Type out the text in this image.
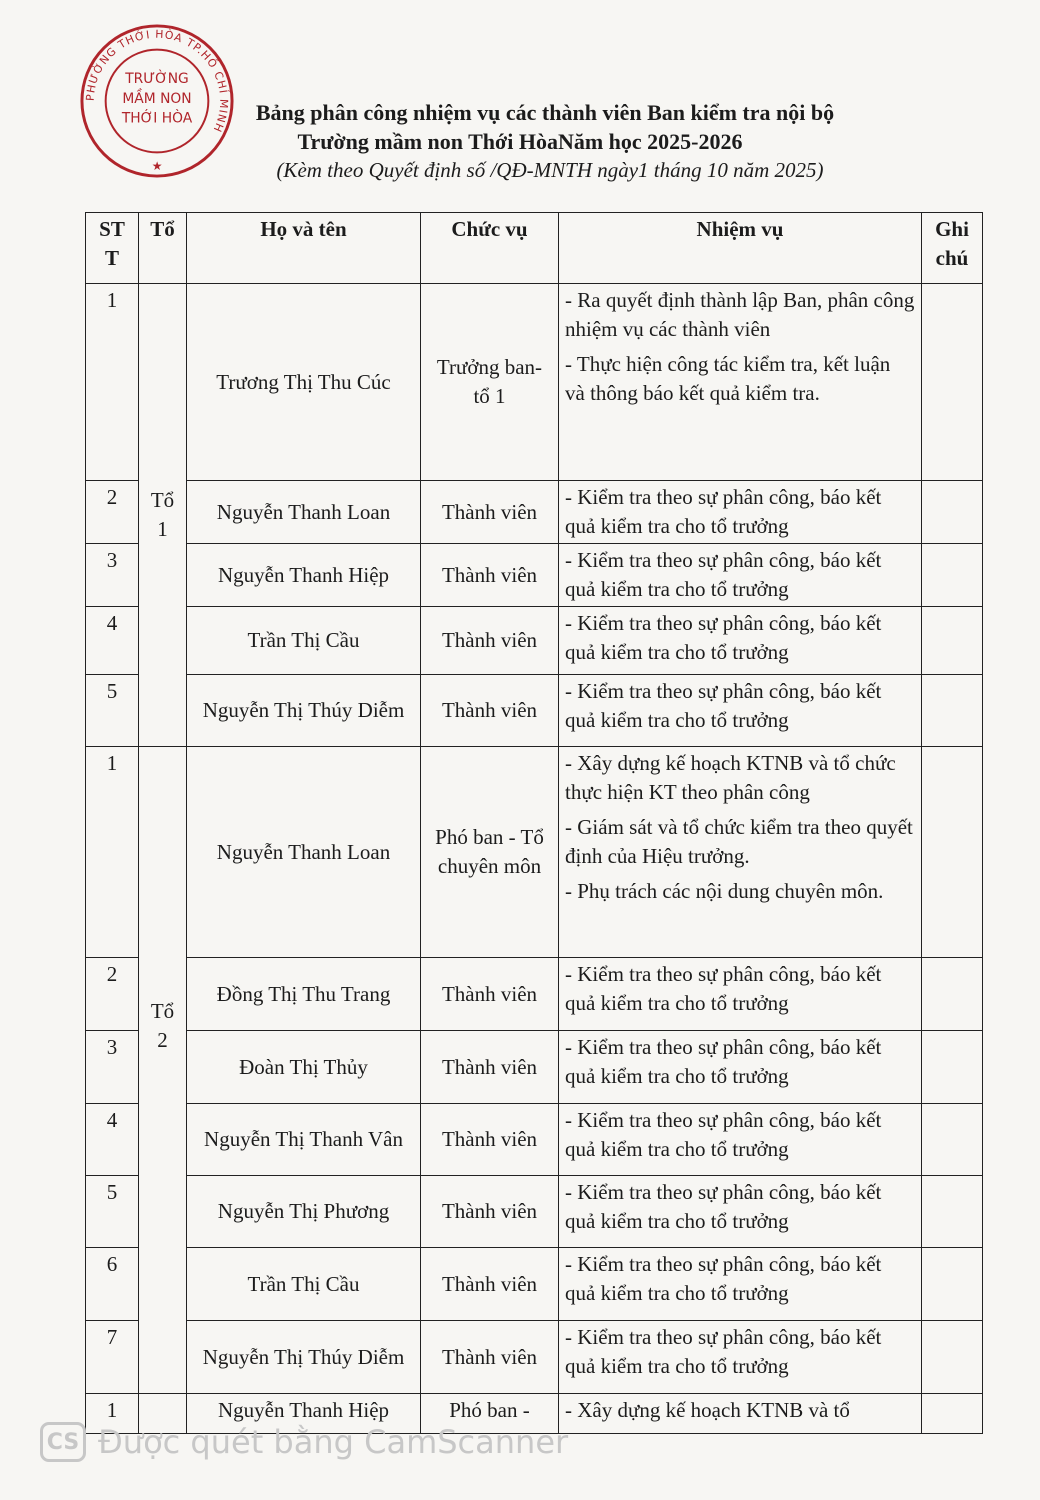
PHƯỜNG THỚI HÒA TP.HỒ CHÍ MINH
TRƯỜNG
MẦM NON
THỚI HÒA
★
Bảng phân công nhiệm vụ các thành viên Ban kiểm tra nội bộ
Trường mầm non Thới HòaNăm học 2025-2026
(Kèm theo Quyết định số /QĐ-MNTH ngày1 tháng 10 năm 2025)
ST T	Tổ	Họ và tên	Chức vụ	Nhiệm vụ	Ghi chú
1	Tổ 1	Trương Thị Thu Cúc	Trưởng ban- tổ 1	- Ra quyết định thành lập Ban, phân công nhiệm vụ các thành viên
- Thực hiện công tác kiểm tra, kết luận và thông báo kết quả kiểm tra.	

2		Nguyễn Thanh Loan	Thành viên	- Kiểm tra theo sự phân công, báo kết quả kiểm tra cho tổ trưởng	

3		Nguyễn Thanh Hiệp	Thành viên	- Kiểm tra theo sự phân công, báo kết quả kiểm tra cho tổ trưởng	

4		Trần Thị Cầu	Thành viên	- Kiểm tra theo sự phân công, báo kết quả kiểm tra cho tổ trưởng	

5		Nguyễn Thị Thúy Diễm	Thành viên	- Kiểm tra theo sự phân công, báo kết quả kiểm tra cho tổ trưởng	

1	Tổ 2	Nguyễn Thanh Loan	Phó ban - Tổ chuyên môn	- Xây dựng kế hoạch KTNB và tổ chức thực hiện KT theo phân công
- Giám sát và tổ chức kiểm tra theo quyết định của Hiệu trưởng.
- Phụ trách các nội dung chuyên môn.	

2		Đồng Thị Thu Trang	Thành viên	- Kiểm tra theo sự phân công, báo kết quả kiểm tra cho tổ trưởng	

3		Đoàn Thị Thủy	Thành viên	- Kiểm tra theo sự phân công, báo kết quả kiểm tra cho tổ trưởng	

4		Nguyễn Thị Thanh Vân	Thành viên	- Kiểm tra theo sự phân công, báo kết quả kiểm tra cho tổ trưởng	

5		Nguyễn Thị Phương	Thành viên	- Kiểm tra theo sự phân công, báo kết quả kiểm tra cho tổ trưởng	

6		Trần Thị Cầu	Thành viên	- Kiểm tra theo sự phân công, báo kết quả kiểm tra cho tổ trưởng	

7		Nguyễn Thị Thúy Diễm	Thành viên	- Kiểm tra theo sự phân công, báo kết quả kiểm tra cho tổ trưởng	

1		Nguyễn Thanh Hiệp	Phó ban -	- Xây dựng kế hoạch KTNB và tổ	

CS Được quét bằng CamScanner
